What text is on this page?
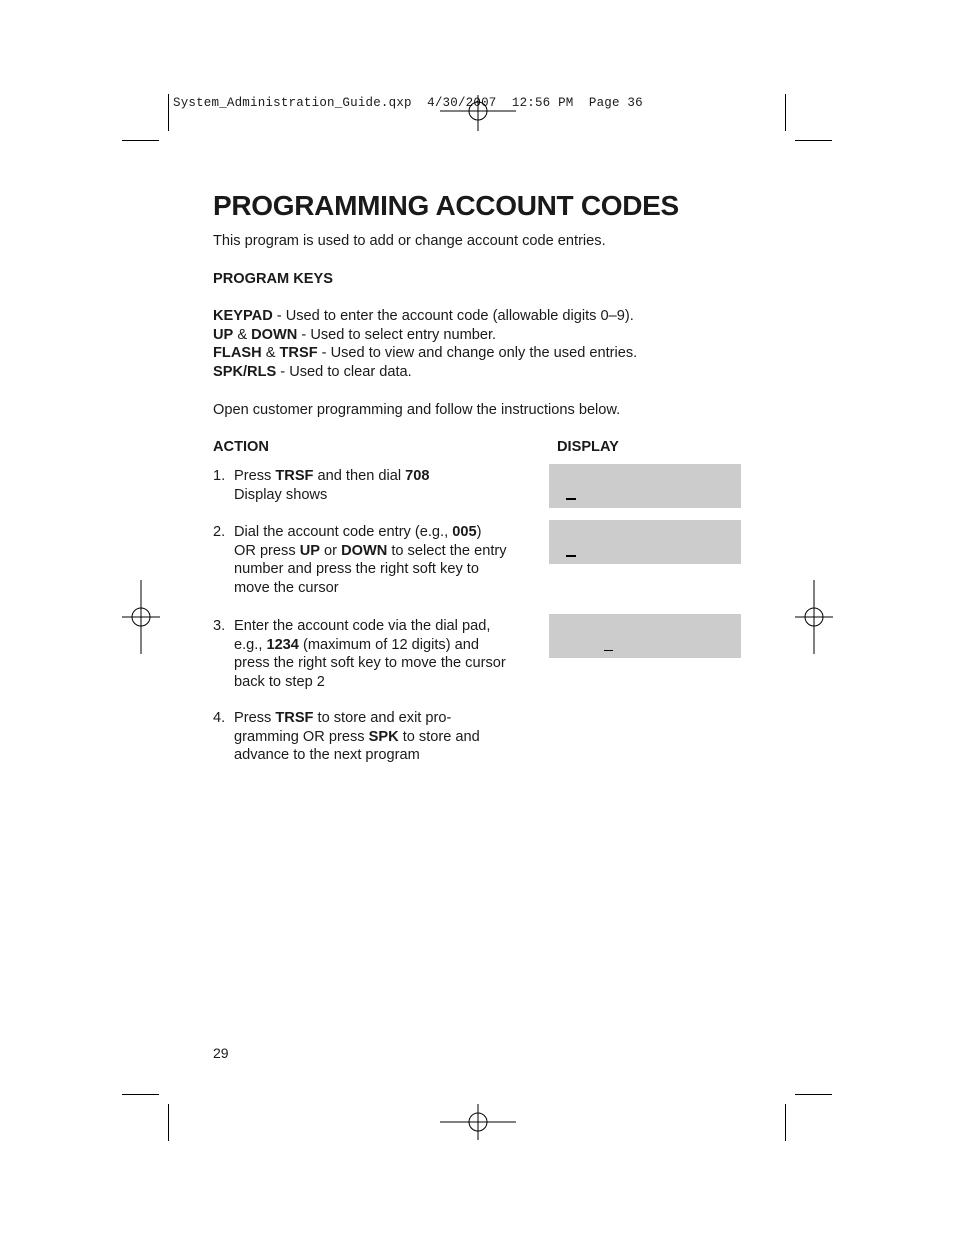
System_Administration_Guide.qxp 4/30/2007 12:56 PM Page 36
PROGRAMMING ACCOUNT CODES
This program is used to add or change account code entries.
PROGRAM KEYS
KEYPAD - Used to enter the account code (allowable digits 0–9).
UP & DOWN - Used to select entry number.
FLASH & TRSF - Used to view and change only the used entries.
SPK/RLS - Used to clear data.
Open customer programming and follow the instructions below.
ACTION	DISPLAY
1. Press TRSF and then dial 708
Display shows
2. Dial the account code entry (e.g., 005)
OR press UP or DOWN to select the entry number and press the right soft key to move the cursor
3. Enter the account code via the dial pad, e.g., 1234 (maximum of 12 digits) and press the right soft key to move the cursor back to step 2
4. Press TRSF to store and exit pro-gramming OR press SPK to store and advance to the next program
29
